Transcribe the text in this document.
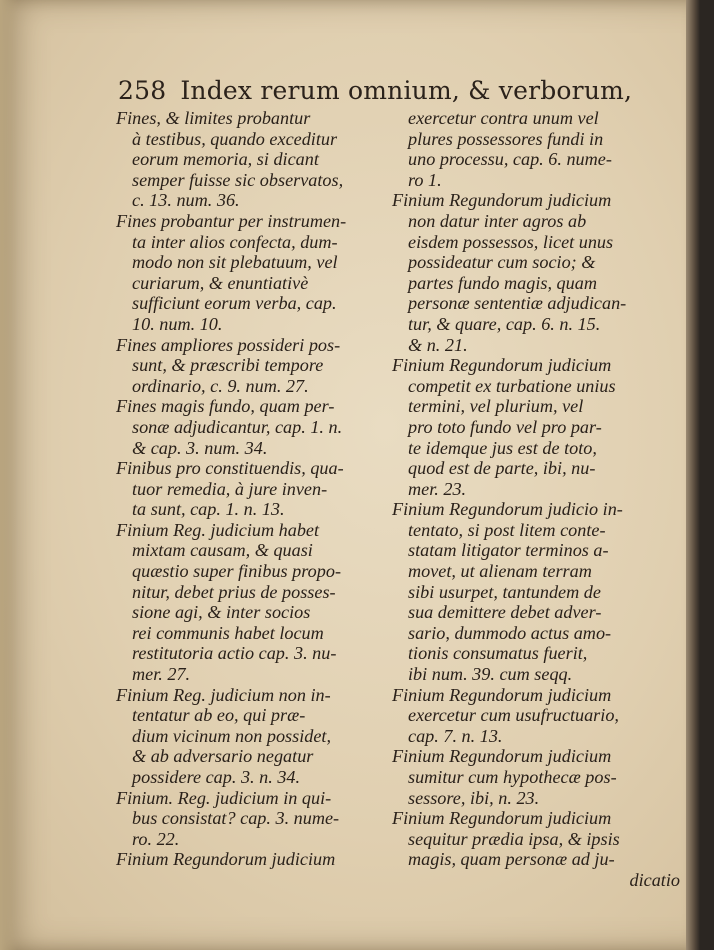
258 Index rerum omnium, & verborum,
Fines, & limites probantur
à testibus, quando exceditur
eorum memoria, si dicant
semper fuisse sic observatos,
c. 13. num. 36.
Fines probantur per instrumen-
ta inter alios confecta, dum-
modo non sit plebatuum, vel
curiarum, & enuntiativè
sufficiunt eorum verba, cap.
10. num. 10.
Fines ampliores possideri pos-
sunt, & præscribi tempore
ordinario, c. 9. num. 27.
Fines magis fundo, quam per-
sonæ adjudicantur, cap. 1. n.
& cap. 3. num. 34.
Finibus pro constituendis, qua-
tuor remedia, à jure inven-
ta sunt, cap. 1. n. 13.
Finium Reg. judicium habet
mixtam causam, & quasi
quæstio super finibus propo-
nitur, debet prius de posses-
sione agi, & inter socios
rei communis habet locum
restitutoria actio cap. 3. nu-
mer. 27.
Finium Reg. judicium non in-
tentatur ab eo, qui præ-
dium vicinum non possidet,
& ab adversario negatur
possidere cap. 3. n. 34.
Finium. Reg. judicium in qui-
bus consistat? cap. 3. nume-
ro. 22.
Finium Regundorum judicium
exercetur contra unum vel
plures possessores fundi in
uno processu, cap. 6. nume-
ro 1.
Finium Regundorum judicium
non datur inter agros ab
eisdem possessos, licet unus
possideatur cum socio; &
partes fundo magis, quam
personæ sententiæ adjudican-
tur, & quare, cap. 6. n. 15.
& n. 21.
Finium Regundorum judicium
competit ex turbatione unius
termini, vel plurium, vel
pro toto fundo vel pro par-
te idemque jus est de toto,
quod est de parte, ibi, nu-
mer. 23.
Finium Regundorum judicio in-
tentato, si post litem conte-
statam litigator terminos a-
movet, ut alienam terram
sibi usurpet, tantundem de
sua demittere debet adver-
sario, dummodo actus amo-
tionis consumatus fuerit,
ibi num. 39. cum seqq.
Finium Regundorum judicium
exercetur cum usufructuario,
cap. 7. n. 13.
Finium Regundorum judicium
sumitur cum hypothecæ pos-
sessore, ibi, n. 23.
Finium Regundorum judicium
sequitur prædia ipsa, & ipsis
magis, quam personæ ad ju-
dicatio
